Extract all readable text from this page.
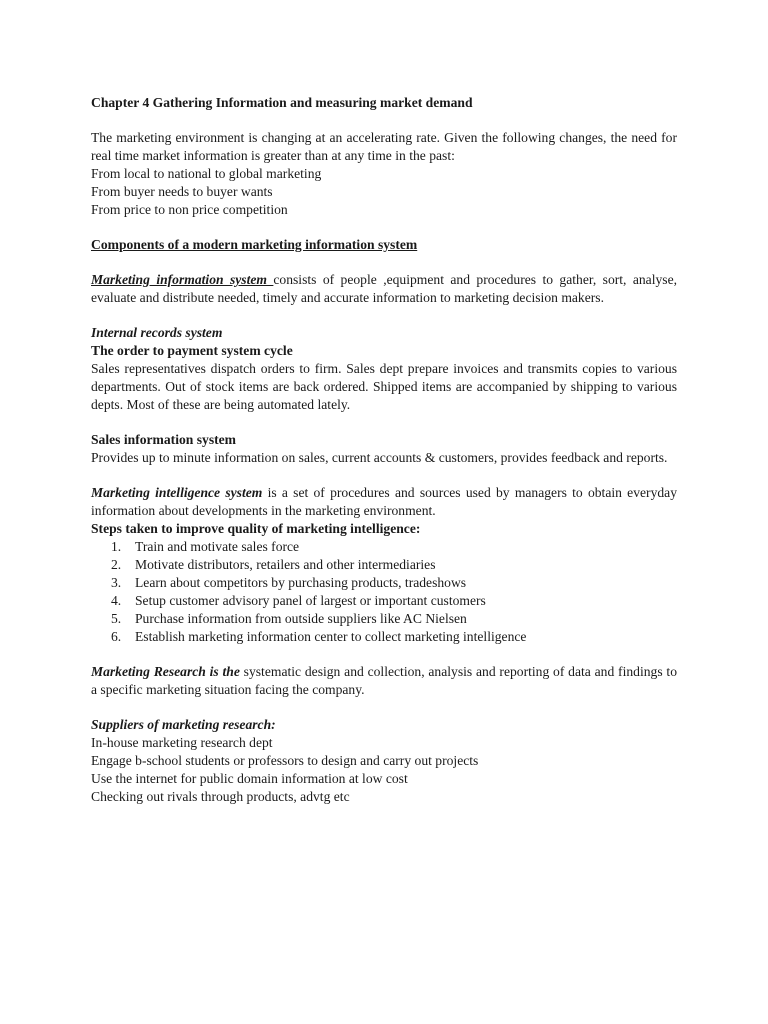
Chapter 4 Gathering Information and measuring market demand

The marketing environment is changing at an accelerating rate. Given the following changes, the need for real time market information is greater than at any time in the past:

From local to national to global marketing

From buyer needs to buyer wants

From price to non price competition

Components of a modern marketing information system

Marketing information system consists of people ,equipment and procedures to gather, sort, analyse, evaluate and distribute needed, timely and accurate information to marketing decision makers.

Internal records system

The order to payment system cycle

Sales representatives dispatch orders to firm. Sales dept prepare invoices and transmits copies to various departments. Out of stock items are back ordered. Shipped items are accompanied by shipping to various depts. Most of these are being automated lately.

Sales information system

Provides up to minute information on sales, current accounts & customers, provides feedback and reports.

Marketing intelligence system is a set of procedures and sources used by managers to obtain everyday information about developments in the marketing environment.

Steps taken to improve quality of marketing intelligence:

1. Train and motivate sales force
2. Motivate distributors, retailers and other intermediaries
3. Learn about competitors by purchasing products, tradeshows
4. Setup customer advisory panel of largest or important customers
5. Purchase information from outside suppliers like AC Nielsen
6. Establish marketing information center to collect marketing intelligence

Marketing Research is the systematic design and collection, analysis and reporting of data and findings to a specific marketing situation facing the company.

Suppliers of marketing research:

In-house marketing research dept

Engage b-school students or professors to design and carry out projects

Use the internet for public domain information at low cost

Checking out rivals through products, advtg etc
